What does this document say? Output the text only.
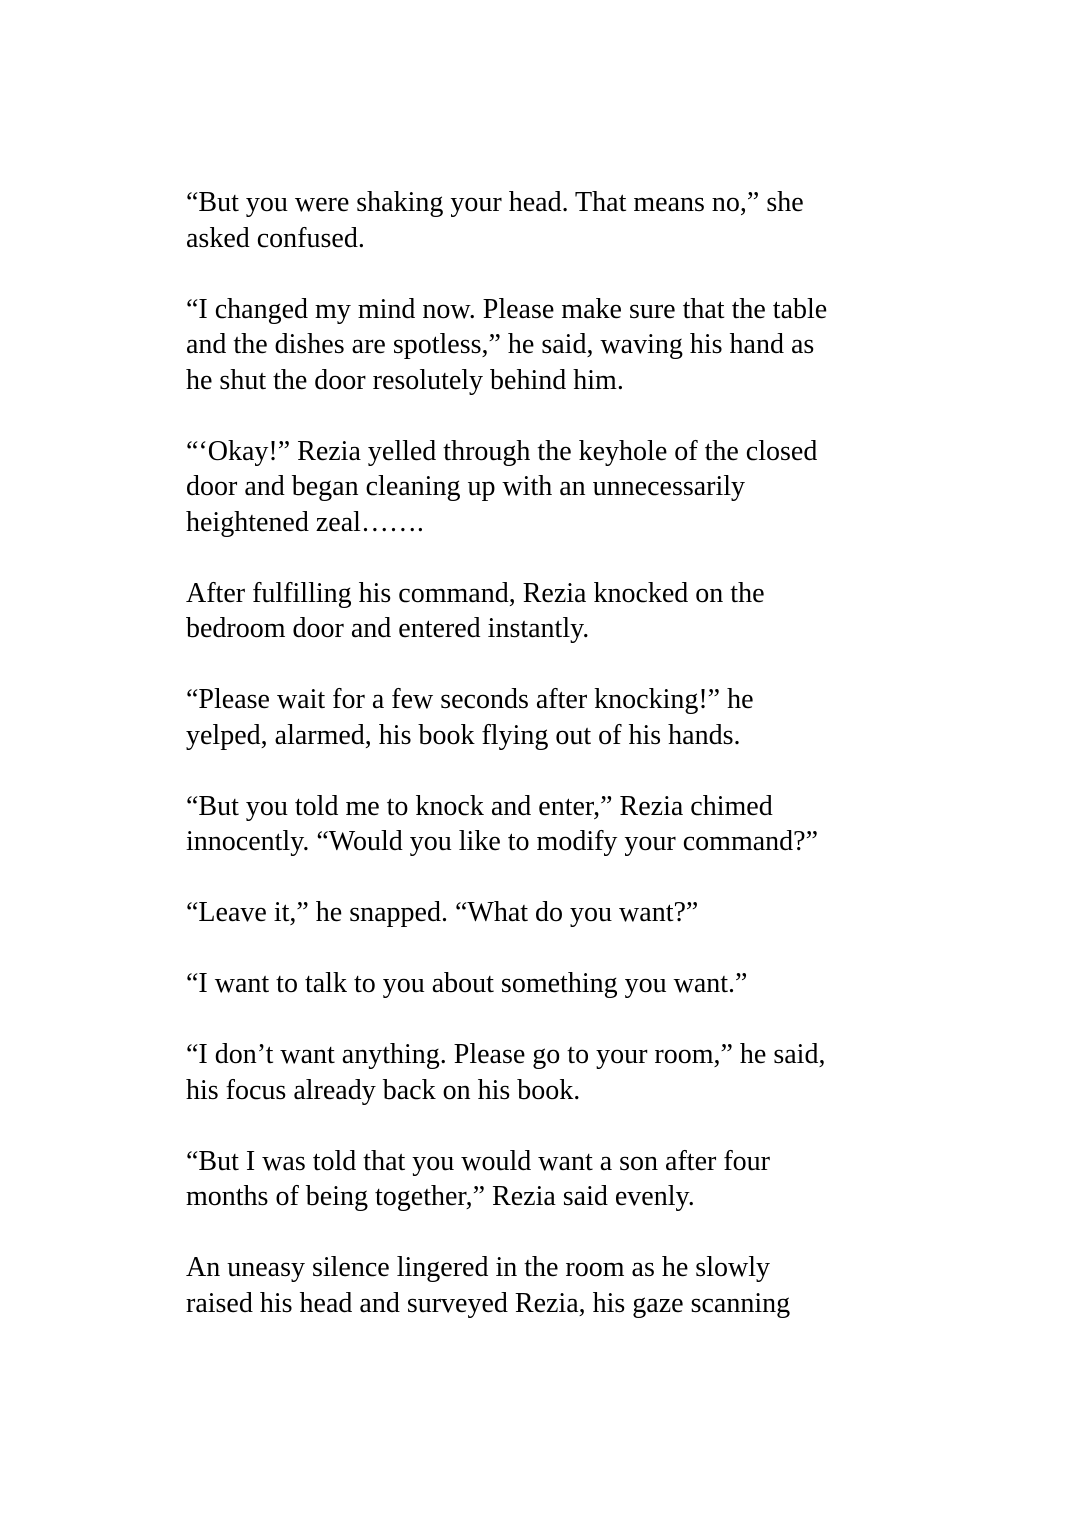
“But you were shaking your head. That means no,” she
asked confused.

“I changed my mind now. Please make sure that the table
and the dishes are spotless,” he said, waving his hand as
he shut the door resolutely behind him.

“‘Okay!” Rezia yelled through the keyhole of the closed
door and began cleaning up with an unnecessarily
heightened zeal…….

After fulfilling his command, Rezia knocked on the
bedroom door and entered instantly.

“Please wait for a few seconds after knocking!” he
yelped, alarmed, his book flying out of his hands.

“But you told me to knock and enter,” Rezia chimed
innocently. “Would you like to modify your command?”

“Leave it,” he snapped. “What do you want?”

“I want to talk to you about something you want.”

“I don’t want anything. Please go to your room,” he said,
his focus already back on his book.

“But I was told that you would want a son after four
months of being together,” Rezia said evenly.

An uneasy silence lingered in the room as he slowly
raised his head and surveyed Rezia, his gaze scanning
